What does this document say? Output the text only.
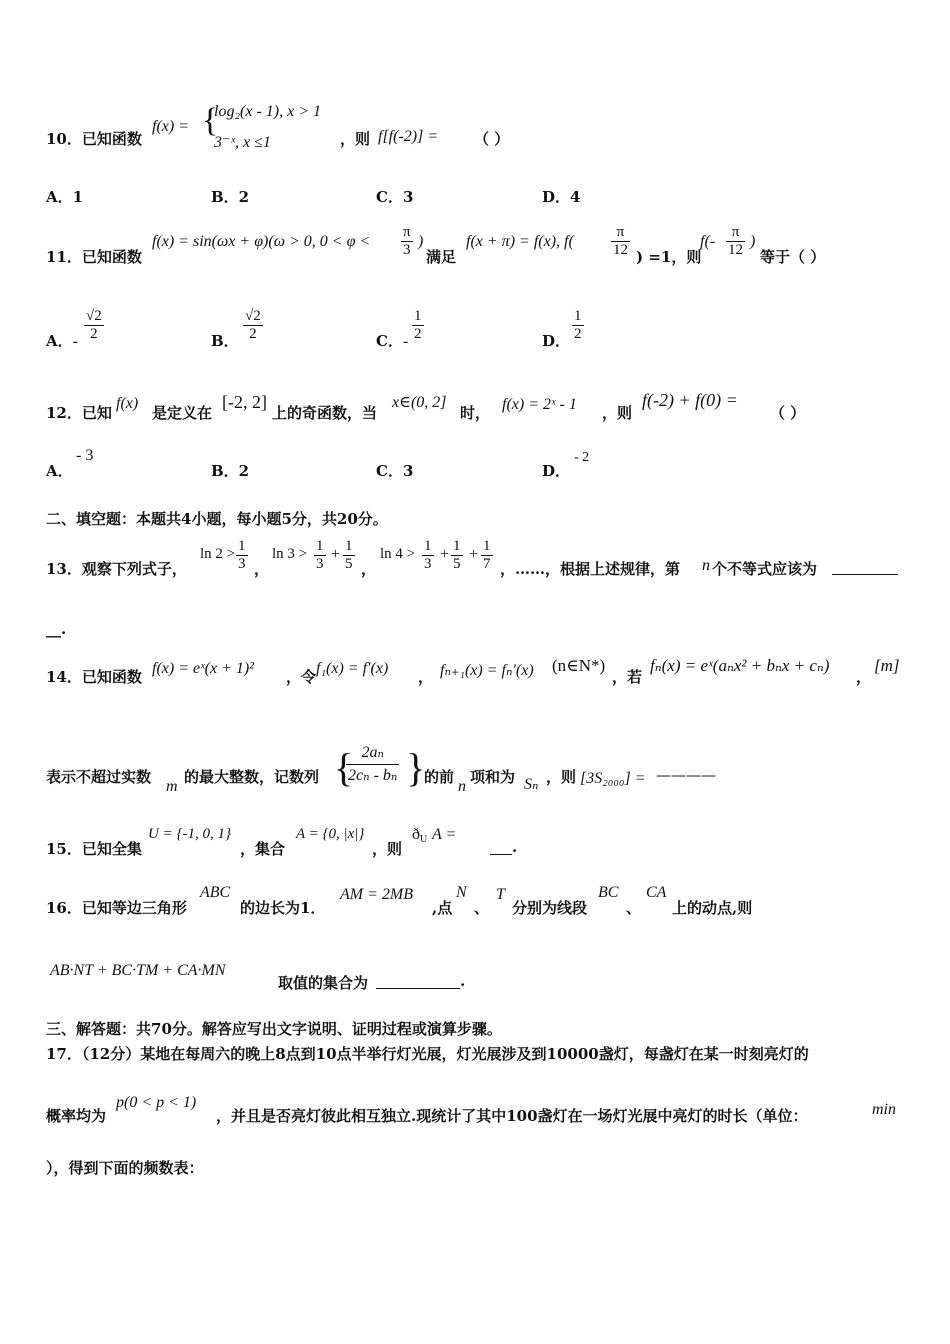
10．已知函数
f(x) = {
log₂(x - 1), x > 1
3⁻ˣ, x ≤1	，则 f[f(-2)] = （ ）
A．1	B．2	C．3	D．4
11．已知函数
f(x) = sin(ωx + φ)(ω > 0, $0 < \varphi < \frac{\pi}{3}$ )
满足
f(x + π) = f(x), $f( \frac{\pi}{12}$ ) =1，则
$f(- \frac{\pi}{12}$ )
等于（ ）
A．- $\frac{√2}{2}$	B． $\frac{√2}{2}$	C．- $\frac{1}{2}$	D． $\frac{1}{2}$
12．已知
f(x)
是定义在
[-2, 2]
上的奇函数，当
x∈(0, 2]
时， f(x) = 2ˣ - 1 ，则
f(-2) + f(0) =
（ ）
A．
- 3
B．2	C．3	D．
- 2
二、填空题：本题共4小题，每小题5分，共20分。
13．观察下列式子，
$\ln 2 > \frac{1}{3}$ ，
$\ln 3 > \frac{1}{3} + \frac{1}{5}$ ，
$\ln 4 > \frac{1}{3} + \frac{1}{5} + \frac{1}{7}$ ，……，根据上述规律，第 n 个不等式应该为
__.
14．已知函数 f(x) = eˣ(x + 1)² ，令 f₁(x) = f′(x) ， fₙ₊₁(x) = fₙ′(x) (n∈N*)
，若
fₙ(x) = eˣ(aₙx² + bₙx + cₙ)
，
[m]
表示不超过实数
m
的最大整数，记数列 {
$\frac{\text{2aₙ}}{\text{2cₙ - bₙ}}$ }
的前
n
项和为 Sₙ ，则 [3S₂₀₀₀] = ————
15．已知全集
U = {-1, 0, 1}
，集合
A = {0, |x|}
，则
$ð_U$ A =
.
16．已知等边三角形
ABC
的边长为1．
AM = 2MB
,点
N
、
T
分别为线段
BC
、
CA
上的动点,则
AB·NT + BC·TM + CA·MN
取值的集合为	.
三、解答题：共70分。解答应写出文字说明、证明过程或演算步骤。
17．（12分）某地在每周六的晚上8点到10点半举行灯光展，灯光展涉及到10000盏灯，每盏灯在某一时刻亮灯的
概率均为
p(0 < p < 1)
，并且是否亮灯彼此相互独立.现统计了其中100盏灯在一场灯光展中亮灯的时长（单位：	min
），得到下面的频数表：
